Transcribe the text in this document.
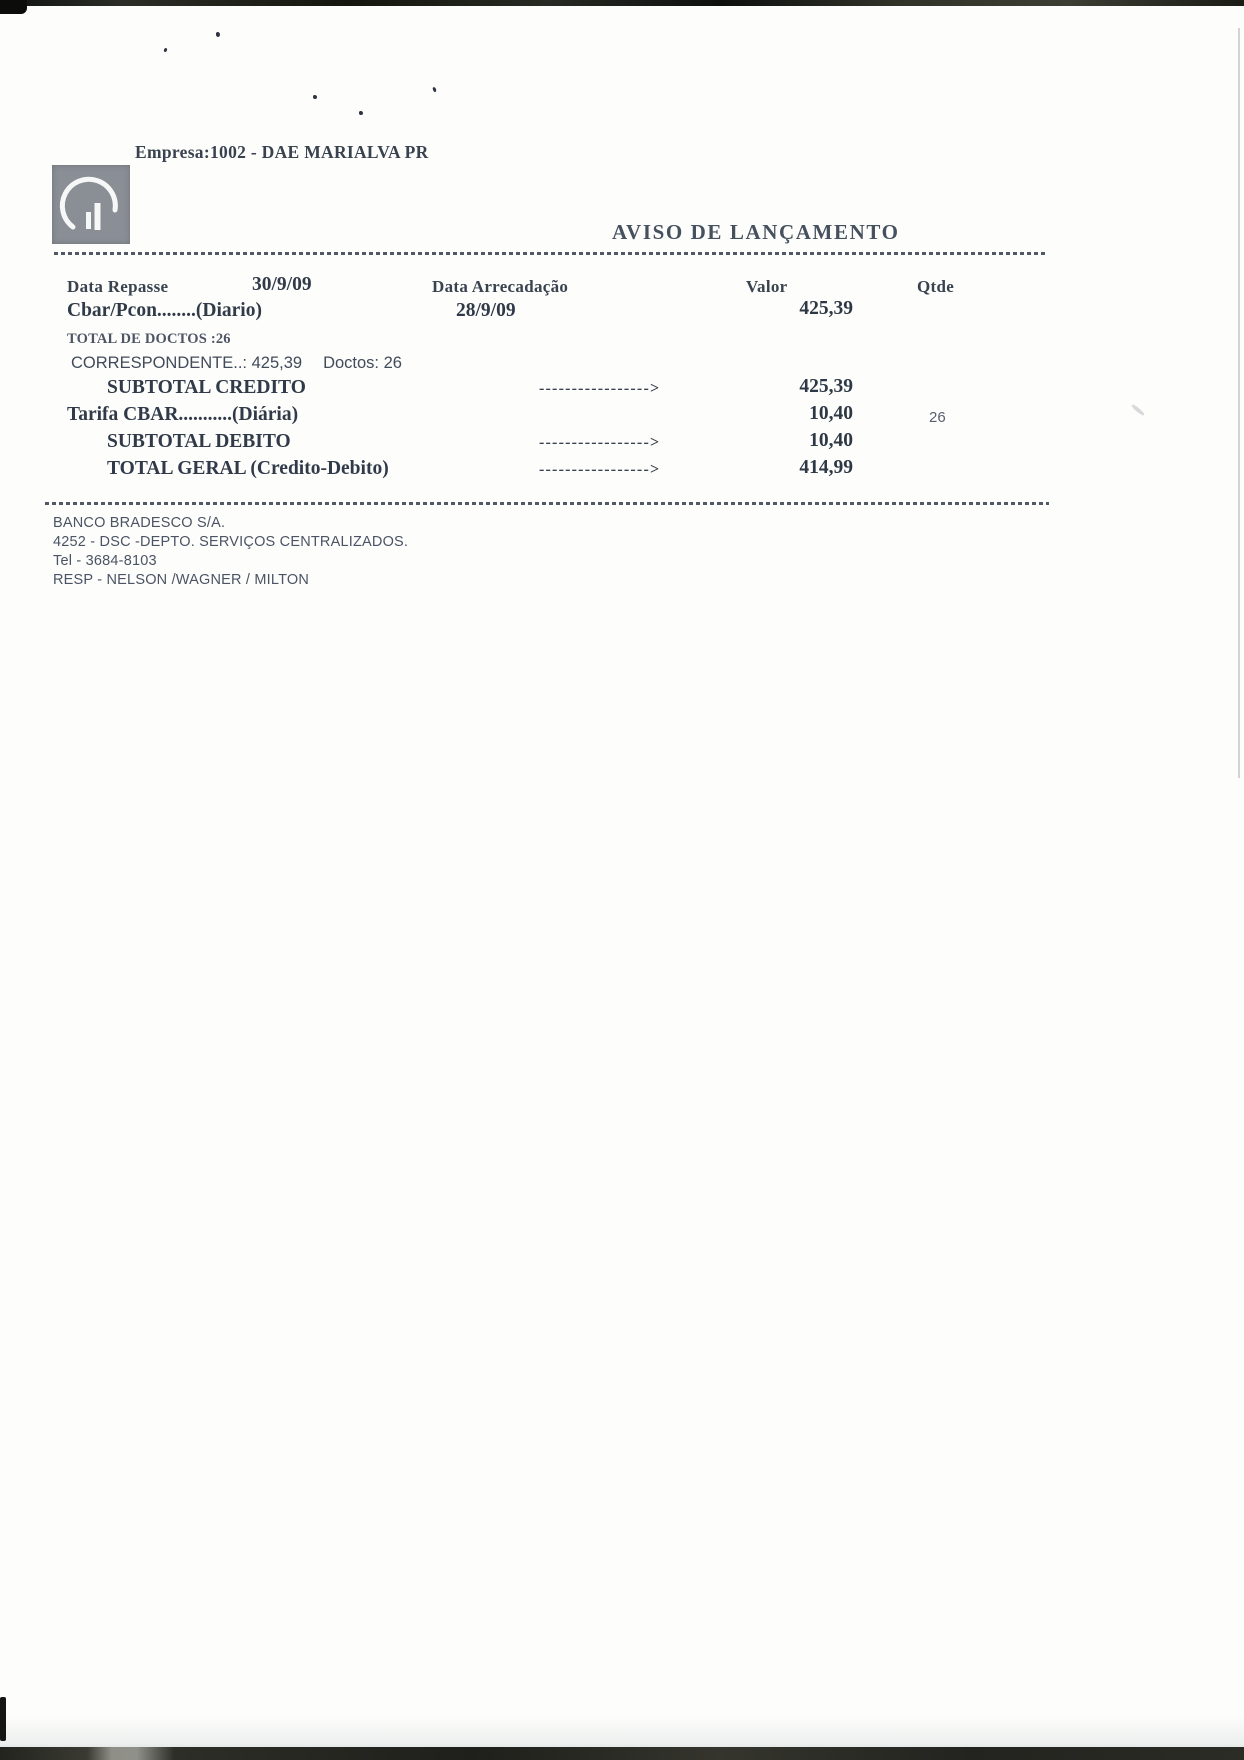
Empresa:1002 - DAE MARIALVA PR
AVISO DE LANÇAMENTO
Data Repasse	30/9/09	Data Arrecadação	Valor	Qtde
Cbar/Pcon........(Diario)	28/9/09	425,39
TOTAL DE DOCTOS :26
CORRESPONDENTE..: 425,39 Doctos: 26
SUBTOTAL CREDITO	----------------->	425,39
Tarifa CBAR...........(Diária)	10,40	26
SUBTOTAL DEBITO	----------------->	10,40
TOTAL GERAL (Credito-Debito)	----------------->	414,99
BANCO BRADESCO S/A.
4252 - DSC -DEPTO. SERVIÇOS CENTRALIZADOS.
Tel - 3684-8103
RESP - NELSON /WAGNER / MILTON
